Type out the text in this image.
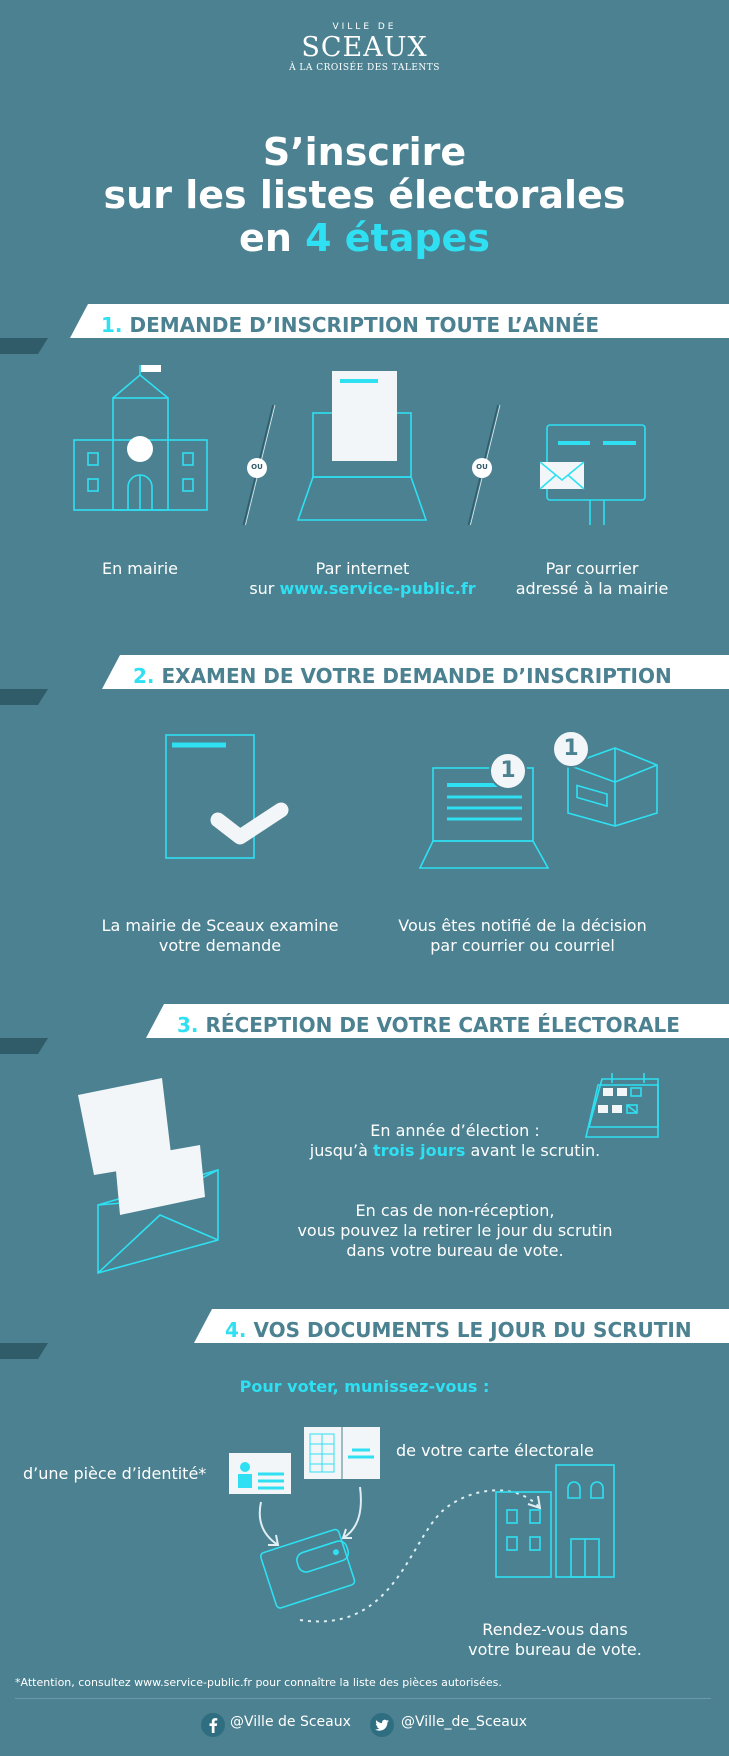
VILLE DE
SCEAUX
À LA CROISÉE DES TALENTS
S’inscrire
sur les listes électorales
en 4 étapes
1. DEMANDE D’INSCRIPTION TOUTE L’ANNÉE
OU	OU
En mairie	Par internet
sur www.service-public.fr
Par courrier
adressé à la mairie
2. EXAMEN DE VOTRE DEMANDE D’INSCRIPTION
1
1
La mairie de Sceaux examine
votre demande
Vous êtes notifié de la décision
par courrier ou courriel
3. RÉCEPTION DE VOTRE CARTE ÉLECTORALE
En année d’élection :
jusqu’à trois jours avant le scrutin.
En cas de non-réception,
vous pouvez la retirer le jour du scrutin
dans votre bureau de vote.
4. VOS DOCUMENTS LE JOUR DU SCRUTIN
Pour voter, munissez-vous :
d’une pièce d’identité*
de votre carte électorale
Rendez-vous dans
votre bureau de vote.
*Attention, consultez www.service-public.fr pour connaître la liste des pièces autorisées.
@Ville de Sceaux	@Ville_de_Sceaux
